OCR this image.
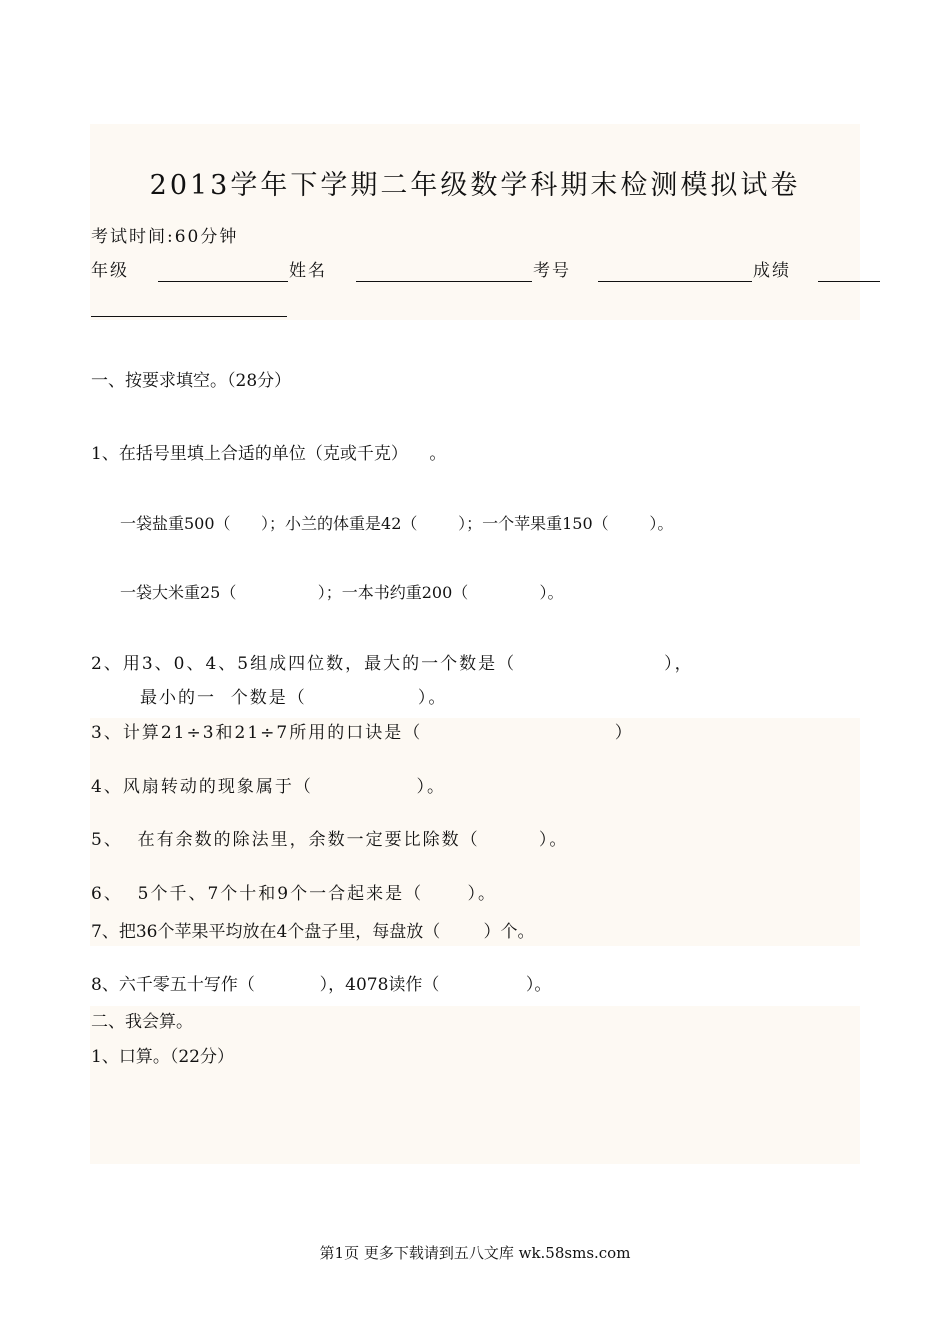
2013学年下学期二年级数学科期末检测模拟试卷
考试时间:60分钟
年级	姓名	考号	成绩
一、按要求填空。（28分）
1、在括号里填上合适的单位（克或千克）    。
一袋盐重500（      ）；小兰的体重是42（        ）；一个苹果重150（        ）。
一袋大米重25（                ）；一本书约重200（              ）。
2、用3、0、4、5组成四位数，最大的一个数是（                    ），
最小的一  个数是（               ）。
3、计算21÷3和21÷7所用的口诀是（                          ）
4、风扇转动的现象属于（              ）。
5、  在有余数的除法里，余数一定要比除数（        ）。
6、  5个千、7个十和9个一合起来是（      ）。
7、把36个苹果平均放在4个盘子里，每盘放（        ）个。
8、六千零五十写作（            ），4078读作（                ）。
二、我会算。
1、口算。（22分）
第1页 更多下载请到五八文库 wk.58sms.com
